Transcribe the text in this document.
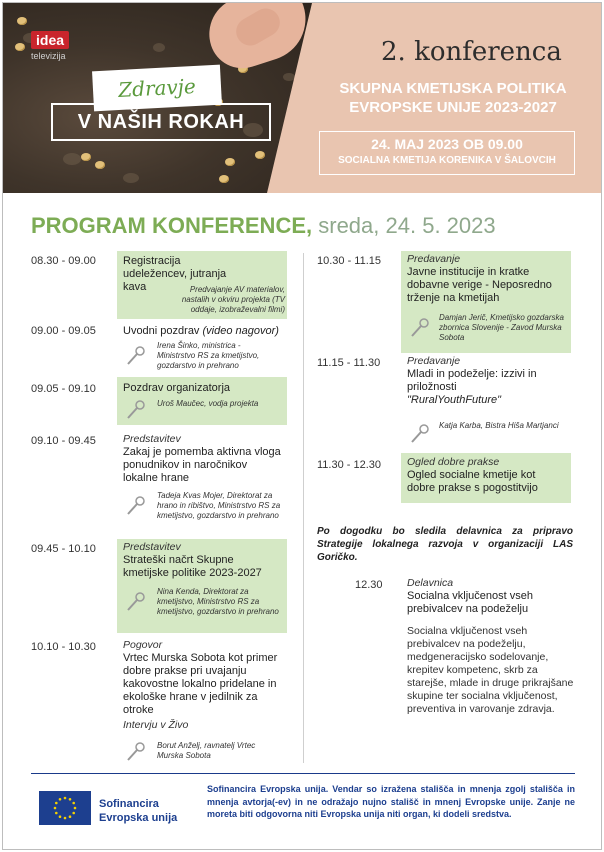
idea
televizija
Zdravje
V NAŠIH ROKAH
2. konferenca
SKUPNA KMETIJSKA POLITIKA
EVROPSKE UNIJE 2023-2027
24. MAJ 2023 OB 09.00
SOCIALNA KMETIJA KORENIKA V ŠALOVCIH
PROGRAM KONFERENCE, sreda, 24. 5. 2023
08.30 - 09.00	Registracija udeležencev, jutranja kava	Predvajanje AV materialov, nastalih v okviru projekta (TV oddaje, izobraževalni filmi)
09.00 - 09.05	Uvodni pozdrav (video nagovor)
Irena Šinko, ministrica - Ministrstvo RS za kmetijstvo, gozdarstvo in prehrano
09.05 - 09.10	Pozdrav organizatorja
Uroš Maučec, vodja projekta
09.10 - 09.45	Predstavitev
Zakaj je pomemba aktivna vloga ponudnikov in naročnikov lokalne hrane
Tadeja Kvas Mojer, Direktorat za hrano in ribištvo, Ministrstvo RS za kmetijstvo, gozdarstvo in prehrano
09.45 - 10.10	Predstavitev
Strateški načrt Skupne kmetijske politike 2023-2027
Nina Kenda, Direktorat za kmetijstvo, Ministrstvo RS za kmetijstvo, gozdarstvo in prehrano
10.10 - 10.30	Pogovor
Vrtec Murska Sobota kot primer dobre prakse pri uvajanju kakovostne lokalno pridelane in ekološke hrane v jedilnik za otroke
Intervju v Živo
Borut Anželj, ravnatelj Vrtec Murska Sobota
10.30 - 11.15	Predavanje
Javne institucije in kratke dobavne verige - Neposredno trženje na kmetijah
Damjan Jerič, Kmetijsko gozdarska zbornica Slovenije - Zavod Murska Sobota
11.15 - 11.30	Predavanje
Mladi in podeželje: izzivi in priložnosti
"RuralYouthFuture"
Katja Karba, Bistra Hiša Martjanci
11.30 - 12.30	Ogled dobre prakse
Ogled socialne kmetije kot dobre prakse s pogostitvijo
Po dogodku bo sledila delavnica za pripravo Strategije lokalnega razvoja v organizaciji LAS Goričko.
12.30	Delavnica
Socialna vključenost vseh prebivalcev na podeželju
Socialna vključenost vseh prebivalcev na podeželju, medgeneracijsko sodelovanje, krepitev kompetenc, skrb za starejše, mlade in druge prikrajšane skupine ter socialna vključenost, preventiva in varovanje zdravja.
Sofinancira
Evropska unija
Sofinancira Evropska unija. Vendar so izražena stališča in mnenja zgolj stališča in mnenja avtorja(-ev) in ne odražajo nujno stališč in mnenj Evropske unije. Zanje ne moreta biti odgovorna niti Evropska unija niti organ, ki dodeli sredstva.
